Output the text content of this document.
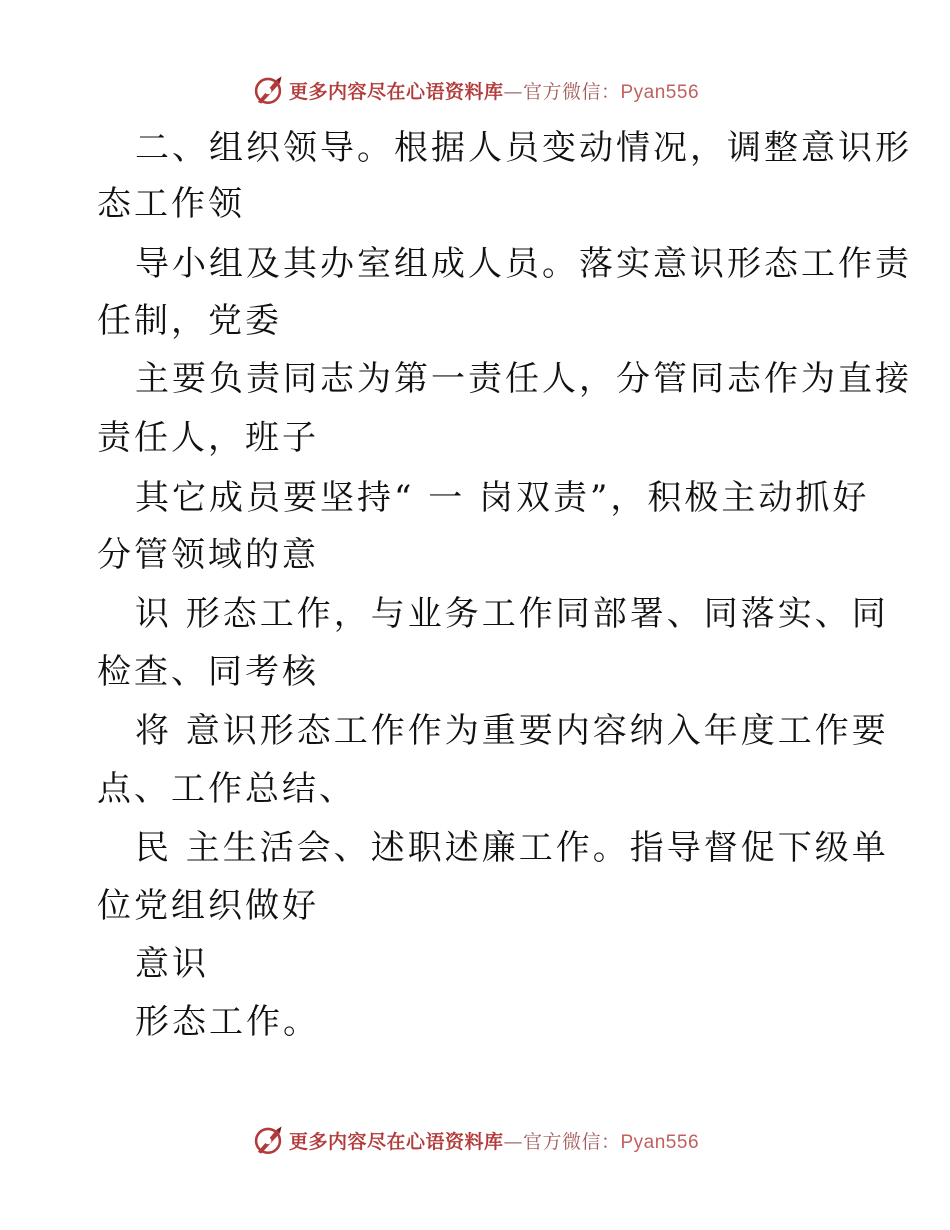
更多内容尽在心语资料库—官方微信：Pyan556
二、组织领导。根据人员变动情况，调整意识形
态工作领
导小组及其办室组成人员。落实意识形态工作责
任制，党委
主要负责同志为第一责任人，分管同志作为直接
责任人，班子
其它成员要坚持“ 一 岗双责”，积极主动抓好
分管领域的意
识 形态工作，与业务工作同部署、同落实、同
检查、同考核
将 意识形态工作作为重要内容纳入年度工作要
点、工作总结、
民 主生活会、述职述廉工作。指导督促下级单
位党组织做好
意识
形态工作。
更多内容尽在心语资料库—官方微信：Pyan556
